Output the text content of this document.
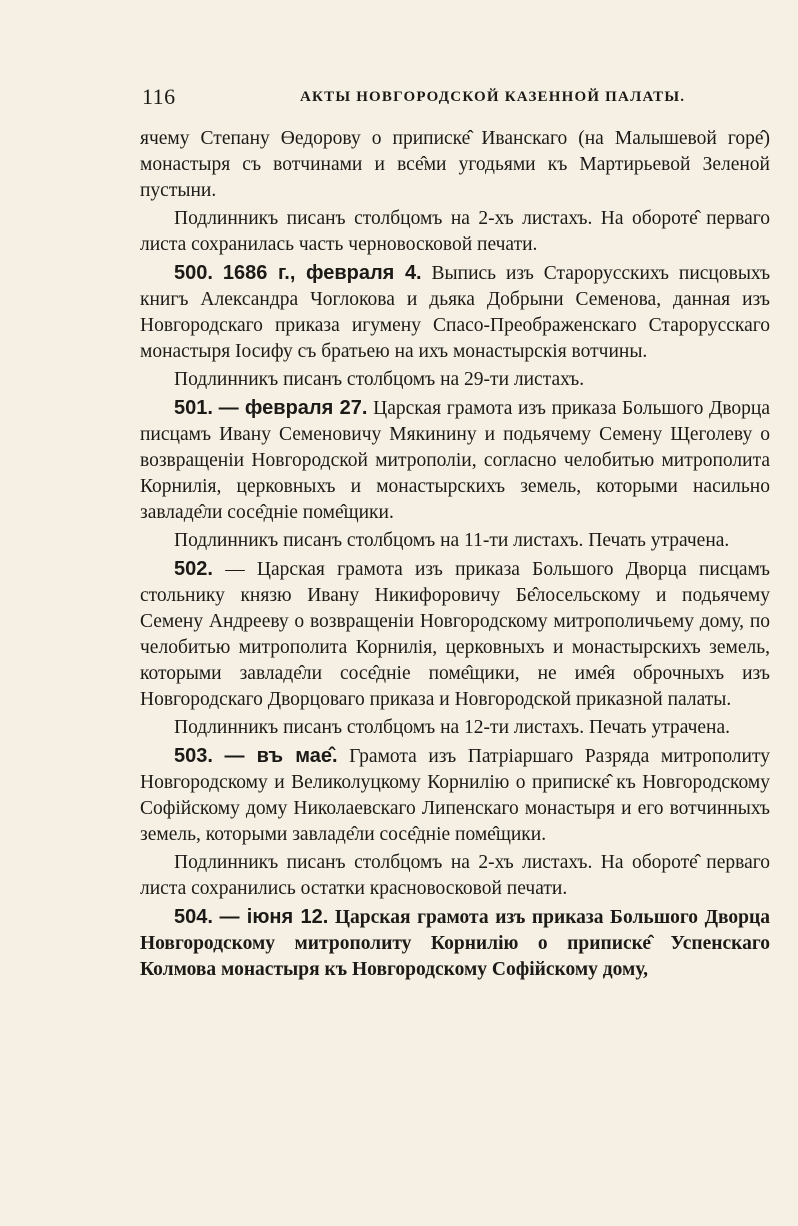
116	АКТЫ НОВГОРОДСКОЙ КАЗЕННОЙ ПАЛАТЫ.

ячему Степану Өедорову о приписке̂ Иванскаго (на Малышевой горе̂) монастыря съ вотчинами и все̂ми угодьями къ Мартирьевой Зеленой пустыни.

Подлинникъ писанъ столбцомъ на 2-хъ листахъ. На обороте̂ перваго листа сохранилась часть черновосковой печати.

500. 1686 г., февраля 4. Выпись изъ Старорусскихъ писцовыхъ книгъ Александра Чоглокова и дьяка Добрыни Семенова, данная изъ Новгородскаго приказа игумену Спасо-Преображенскаго Старорусскаго монастыря Іосифу съ братьею на ихъ монастырскія вотчины.

Подлинникъ писанъ столбцомъ на 29-ти листахъ.

501. — февраля 27. Царская грамота изъ приказа Большого Дворца писцамъ Ивану Семеновичу Мякинину и подьячему Семену Щеголеву о возвращеніи Новгородской митрополіи, согласно челобитью митрополита Корнилія, церковныхъ и монастырскихъ земель, которыми насильно завладе̂ли сосе̂дніе поме̂щики.

Подлинникъ писанъ столбцомъ на 11-ти листахъ. Печать утрачена.

502. — Царская грамота изъ приказа Большого Дворца писцамъ стольнику князю Ивану Никифоровичу Бе̂лосельскому и подьячему Семену Андрееву о возвращеніи Новгородскому митрополичьему дому, по челобитью митрополита Корнилія, церковныхъ и монастырскихъ земель, которыми завладе̂ли сосе̂дніе поме̂щики, не име̂я оброчныхъ изъ Новгородскаго Дворцоваго приказа и Новгородской приказной палаты.

Подлинникъ писанъ столбцомъ на 12-ти листахъ. Печать утрачена.

503. — въ мае̂. Грамота изъ Патріаршаго Разряда митрополиту Новгородскому и Великолуцкому Корнилію о приписке̂ къ Новгородскому Софійскому дому Николаевскаго Липенскаго монастыря и его вотчинныхъ земель, которыми завладе̂ли сосе̂дніе поме̂щики.

Подлинникъ писанъ столбцомъ на 2-хъ листахъ. На обороте̂ перваго листа сохранились остатки красновосковой печати.

504. — іюня 12. Царская грамота изъ приказа Большого Дворца Новгородскому митрополиту Корнилію о приписке̂ Успенскаго Колмова монастыря къ Новгородскому Софійскому дому,
